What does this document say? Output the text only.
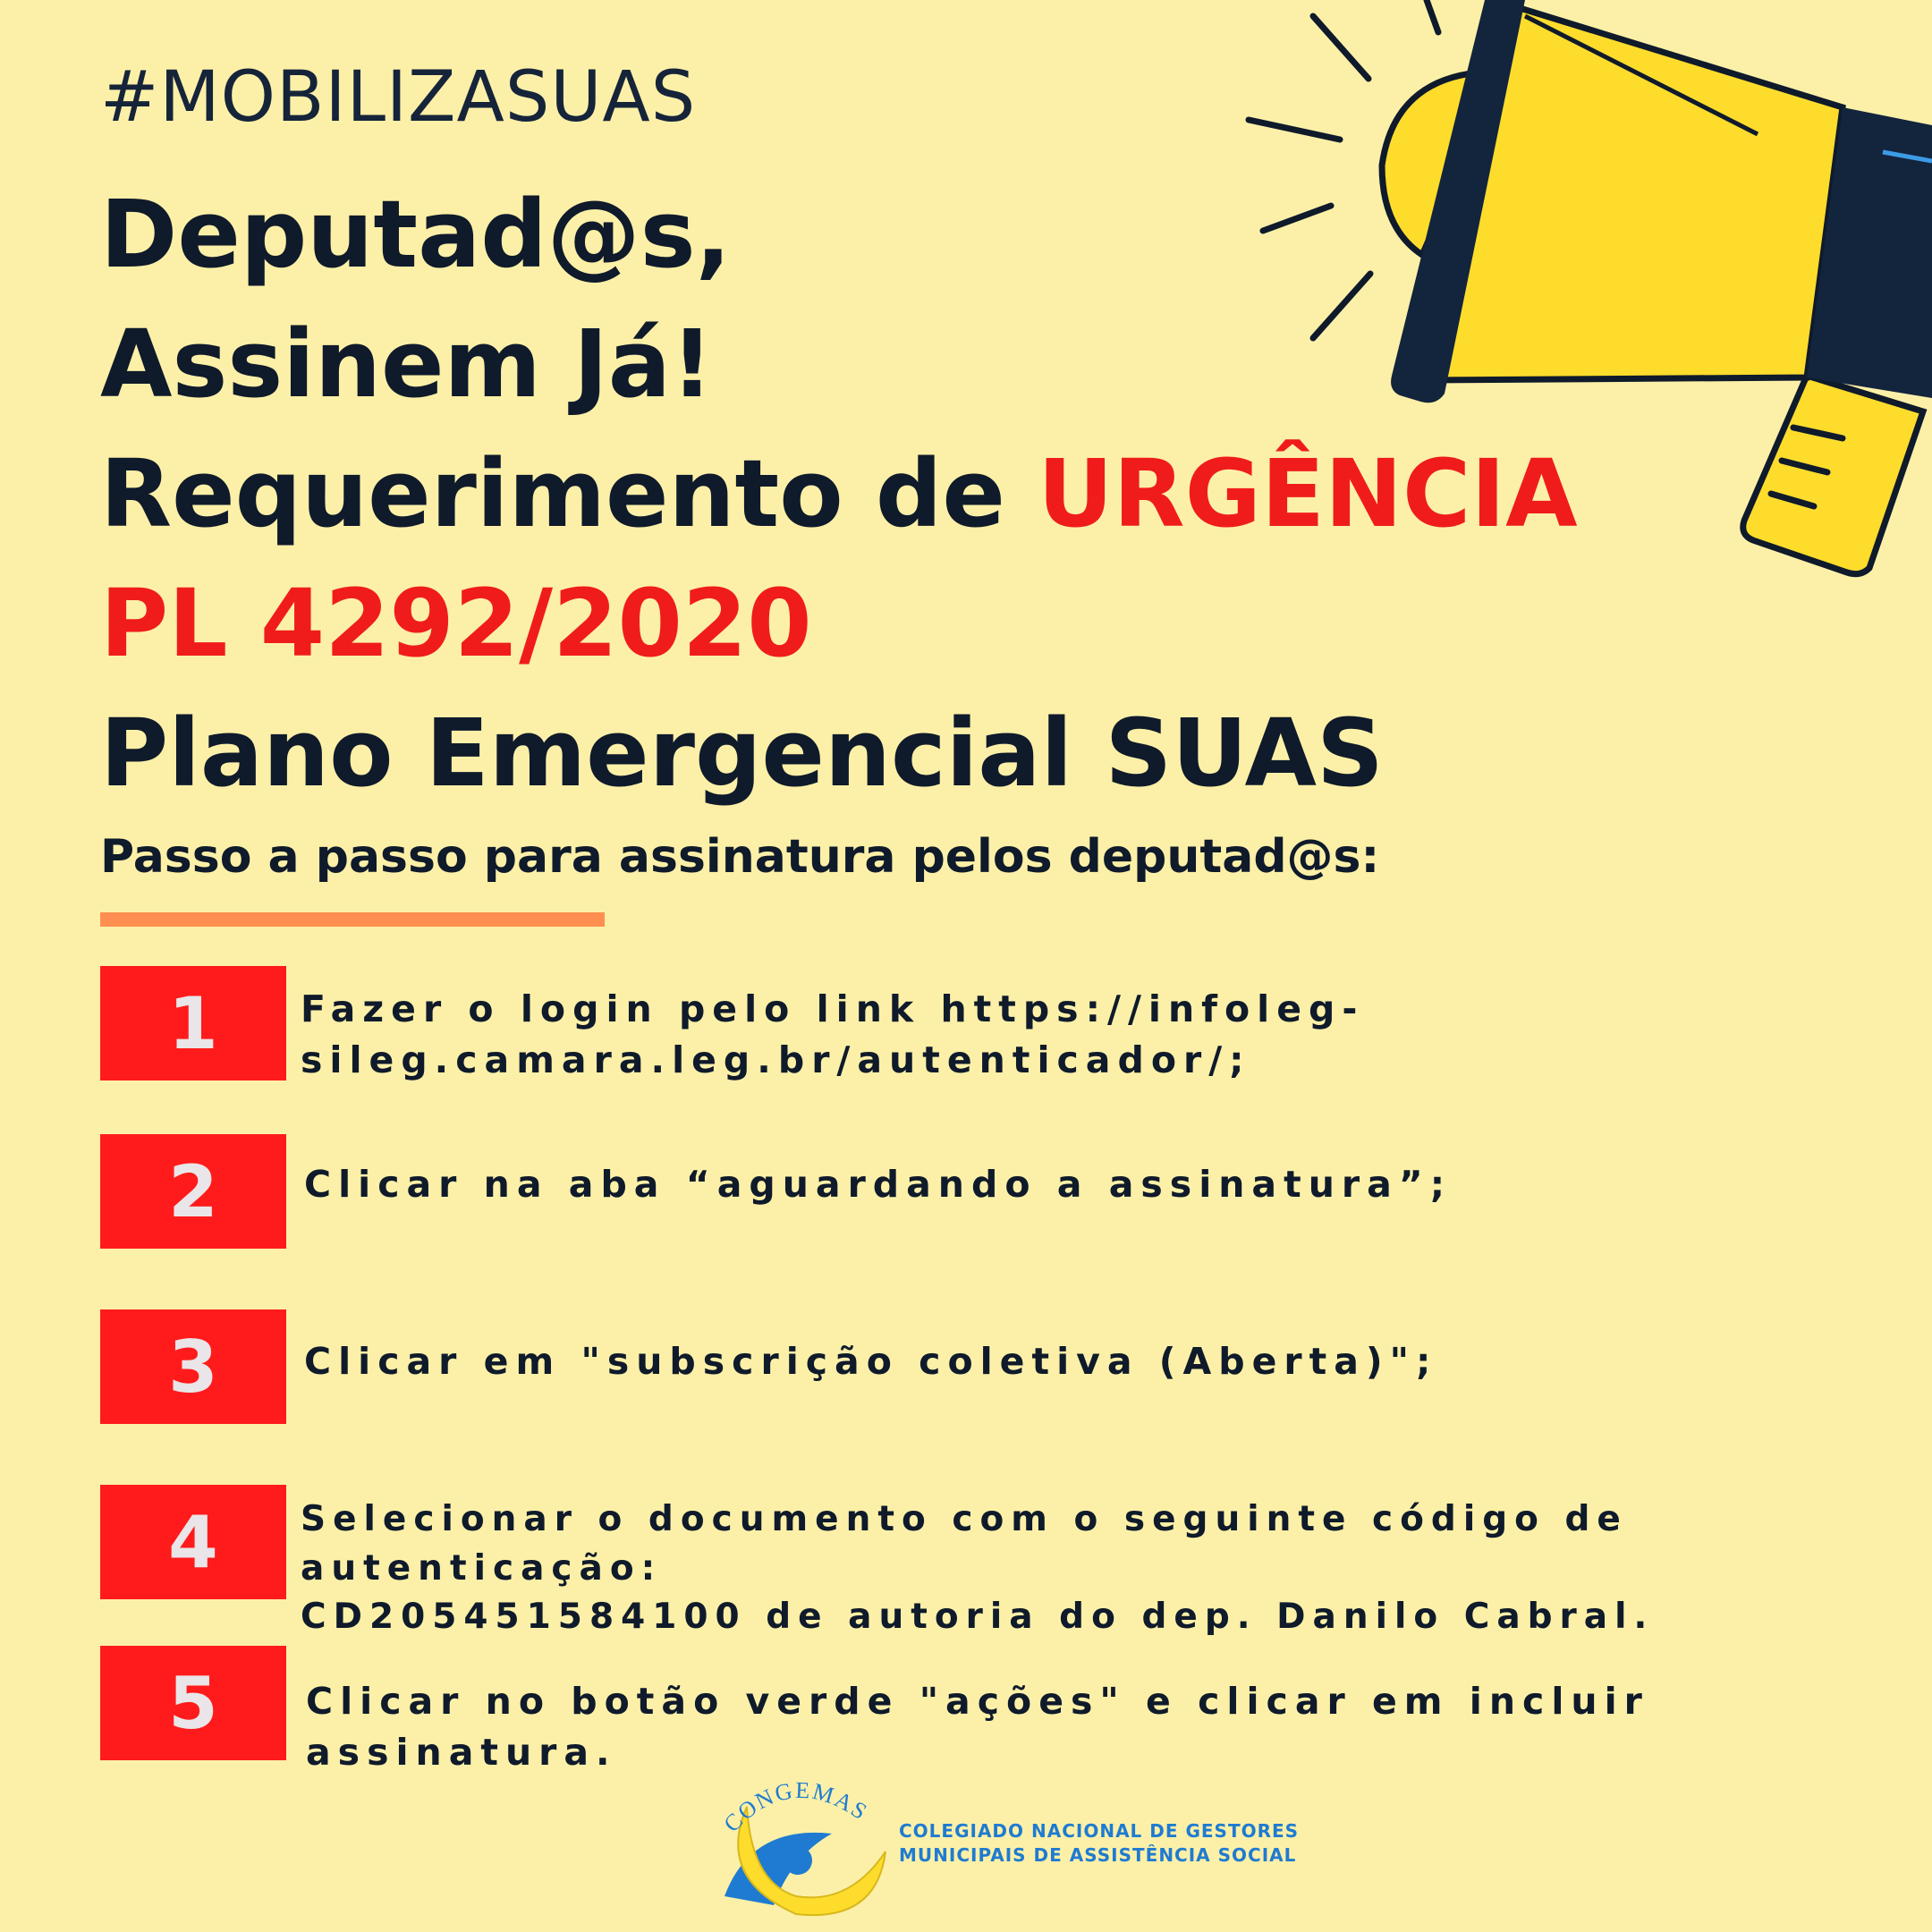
#MOBILIZASUAS
Deputad@s,
Assinem Já!
Requerimento de URGÊNCIA
PL 4292/2020
Plano Emergencial SUAS
Passo a passo para assinatura pelos deputad@s:
1 Fazer o login pelo link https://infoleg-
sileg.camara.leg.br/autenticador/;
2 Clicar na aba “aguardando a assinatura”;
3 Clicar em "subscrição coletiva (Aberta)";
4 Selecionar o documento com o seguinte código de autenticação:
CD205451584100 de autoria do dep. Danilo Cabral.
5 Clicar no botão verde "ações" e clicar em incluir assinatura.
CONGEMAS
COLEGIADO NACIONAL DE GESTORES
MUNICIPAIS DE ASSISTÊNCIA SOCIAL
